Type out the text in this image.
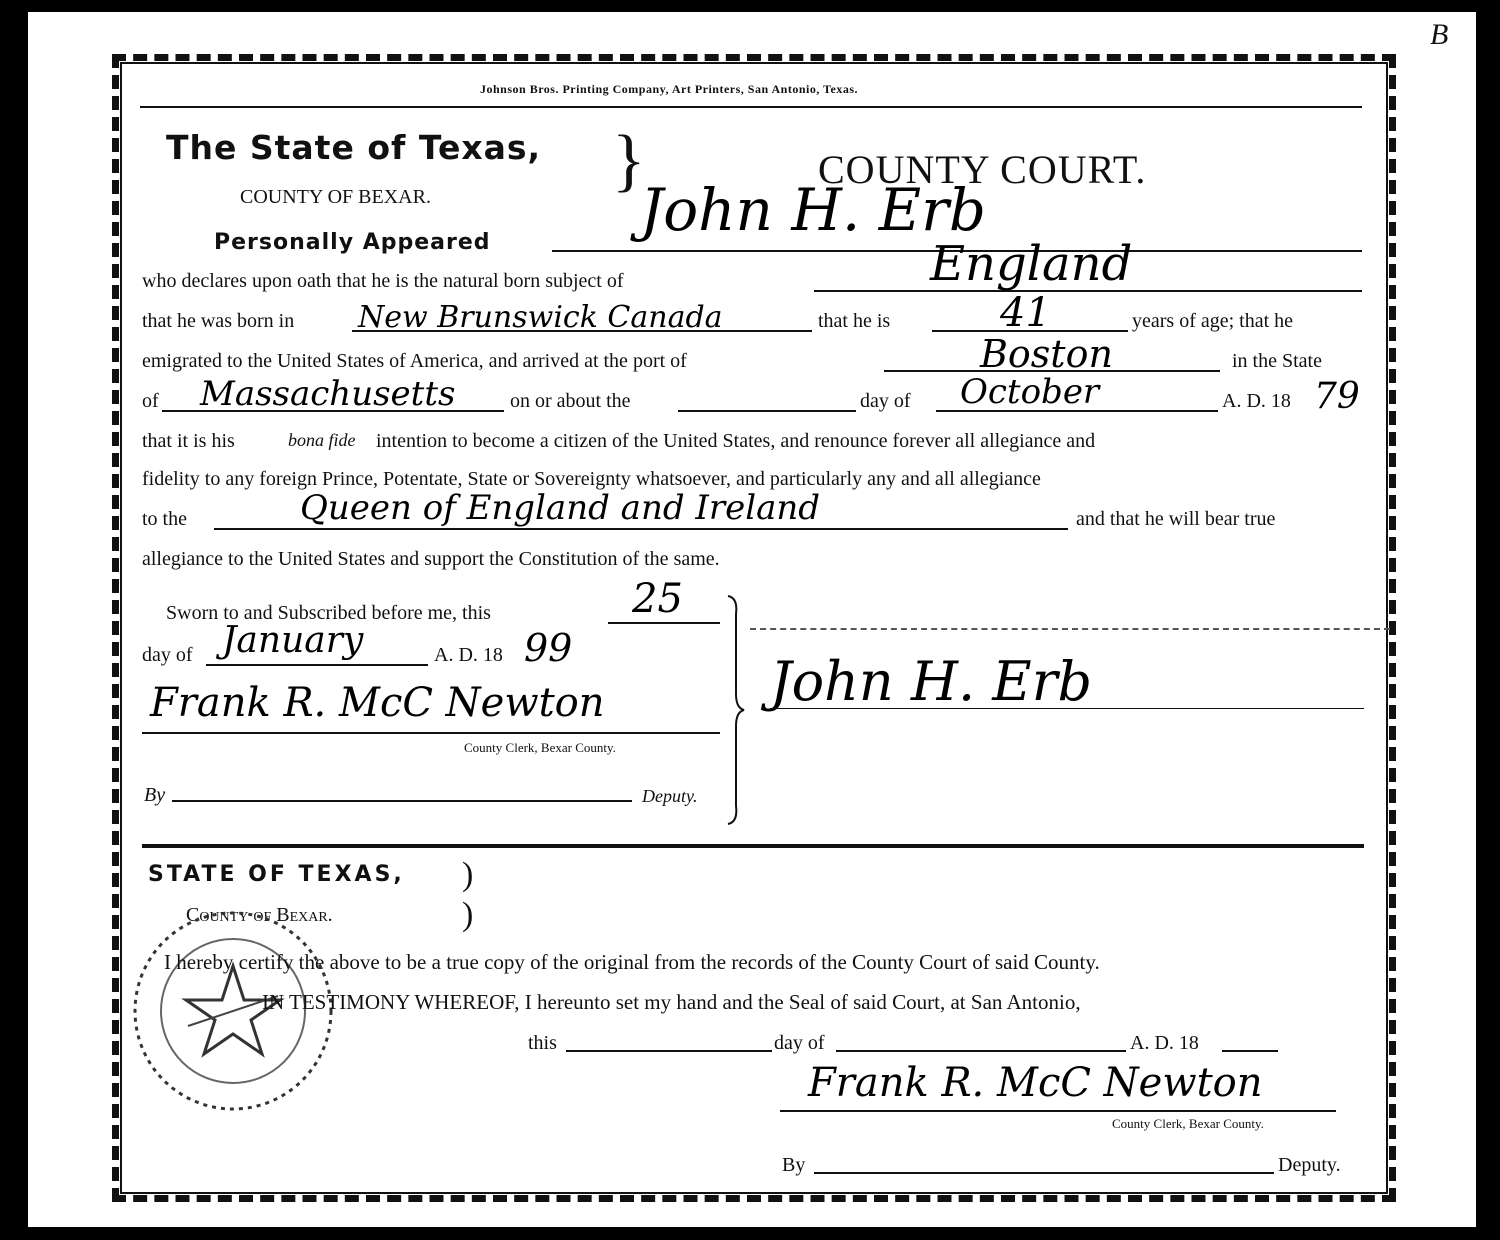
B
Johnson Bros. Printing Company, Art Printers, San Antonio, Texas.
The State of Texas,
COUNTY OF BEXAR.	}	COUNTY COURT.
Personally Appeared	John H. Erb
who declares upon oath that he is the natural born subject of	England
that he was born in New Brunswick Canada	that he is	41	years of age; that he
emigrated to the United States of America, and arrived at the port of	Boston	in the State
of Massachusetts	on or about the	day of October	A. D. 18 79
that it is his	bona fide intention to become a citizen of the United States, and renounce forever all allegiance and
fidelity to any foreign Prince, Potentate, State or Sovereignty whatsoever, and particularly any and all allegiance
to the	Queen of England and Ireland	and that he will bear true
allegiance to the United States and support the Constitution of the same.
Sworn to and Subscribed before me, this	25
day of January	A. D. 18 99
Frank R. McC Newton
County Clerk, Bexar County.
By	Deputy.
John H. Erb
STATE OF TEXAS, )
County of Bexar.	)
I hereby certify the above to be a true copy of the original from the records of the County Court of said County.
IN TESTIMONY WHEREOF, I hereunto set my hand and the Seal of said Court, at San Antonio,
this	day of	A. D. 18
Frank R. McC Newton
County Clerk, Bexar County.
By	Deputy.
